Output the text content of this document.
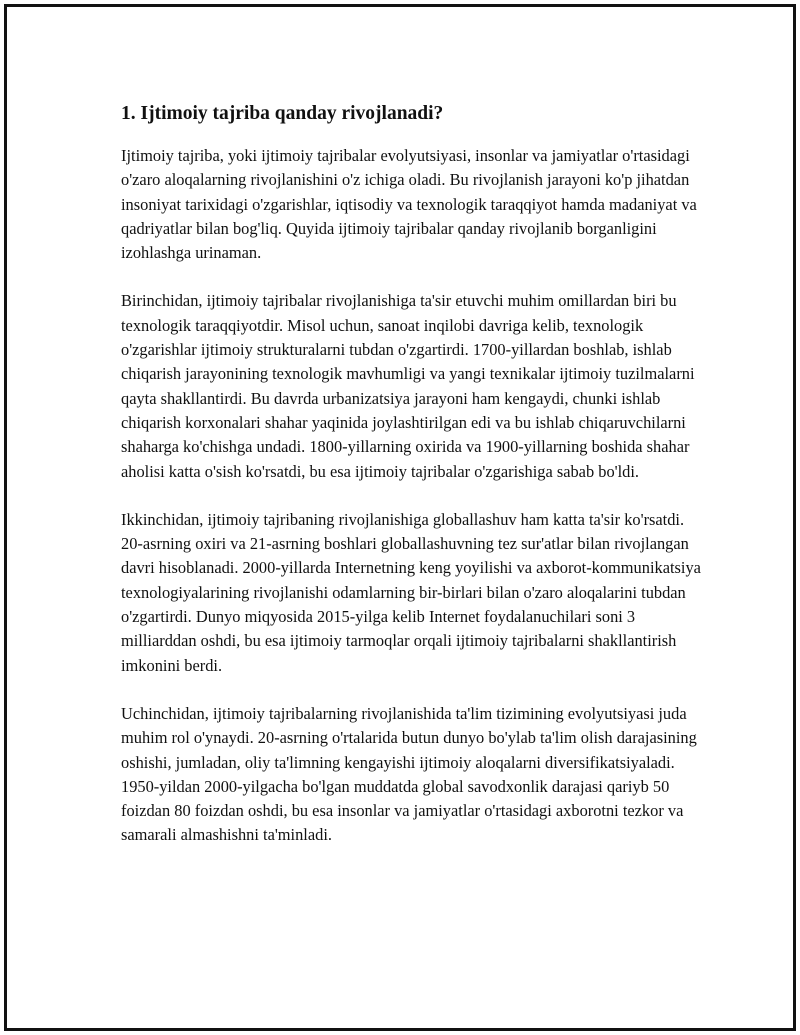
1. Ijtimoiy tajriba qanday rivojlanadi?

Ijtimoiy tajriba, yoki ijtimoiy tajribalar evolyutsiyasi, insonlar va jamiyatlar o'rtasidagi o'zaro aloqalarning rivojlanishini o'z ichiga oladi. Bu rivojlanish jarayoni ko'p jihatdan insoniyat tarixidagi o'zgarishlar, iqtisodiy va texnologik taraqqiyot hamda madaniyat va qadriyatlar bilan bog'liq. Quyida ijtimoiy tajribalar qanday rivojlanib borganligini izohlashga urinaman.

Birinchidan, ijtimoiy tajribalar rivojlanishiga ta'sir etuvchi muhim omillardan biri bu texnologik taraqqiyotdir. Misol uchun, sanoat inqilobi davriga kelib, texnologik o'zgarishlar ijtimoiy strukturalarni tubdan o'zgartirdi. 1700-yillardan boshlab, ishlab chiqarish jarayonining texnologik mavhumligi va yangi texnikalar ijtimoiy tuzilmalarni qayta shakllantirdi. Bu davrda urbanizatsiya jarayoni ham kengaydi, chunki ishlab chiqarish korxonalari shahar yaqinida joylashtirilgan edi va bu ishlab chiqaruvchilarni shaharga ko'chishga undadi. 1800-yillarning oxirida va 1900-yillarning boshida shahar aholisi katta o'sish ko'rsatdi, bu esa ijtimoiy tajribalar o'zgarishiga sabab bo'ldi.

Ikkinchidan, ijtimoiy tajribaning rivojlanishiga globallashuv ham katta ta'sir ko'rsatdi. 20-asrning oxiri va 21-asrning boshlari globallashuvning tez sur'atlar bilan rivojlangan davri hisoblanadi. 2000-yillarda Internetning keng yoyilishi va axborot-kommunikatsiya texnologiyalarining rivojlanishi odamlarning bir-birlari bilan o'zaro aloqalarini tubdan o'zgartirdi. Dunyo miqyosida 2015-yilga kelib Internet foydalanuchilari soni 3 milliarddan oshdi, bu esa ijtimoiy tarmoqlar orqali ijtimoiy tajribalarni shakllantirish imkonini berdi.

Uchinchidan, ijtimoiy tajribalarning rivojlanishida ta'lim tizimining evolyutsiyasi juda muhim rol o'ynaydi. 20-asrning o'rtalarida butun dunyo bo'ylab ta'lim olish darajasining oshishi, jumladan, oliy ta'limning kengayishi ijtimoiy aloqalarni diversifikatsiyaladi. 1950-yildan 2000-yilgacha bo'lgan muddatda global savodxonlik darajasi qariyb 50 foizdan 80 foizdan oshdi, bu esa insonlar va jamiyatlar o'rtasidagi axborotni tezkor va samarali almashishni ta'minladi.
